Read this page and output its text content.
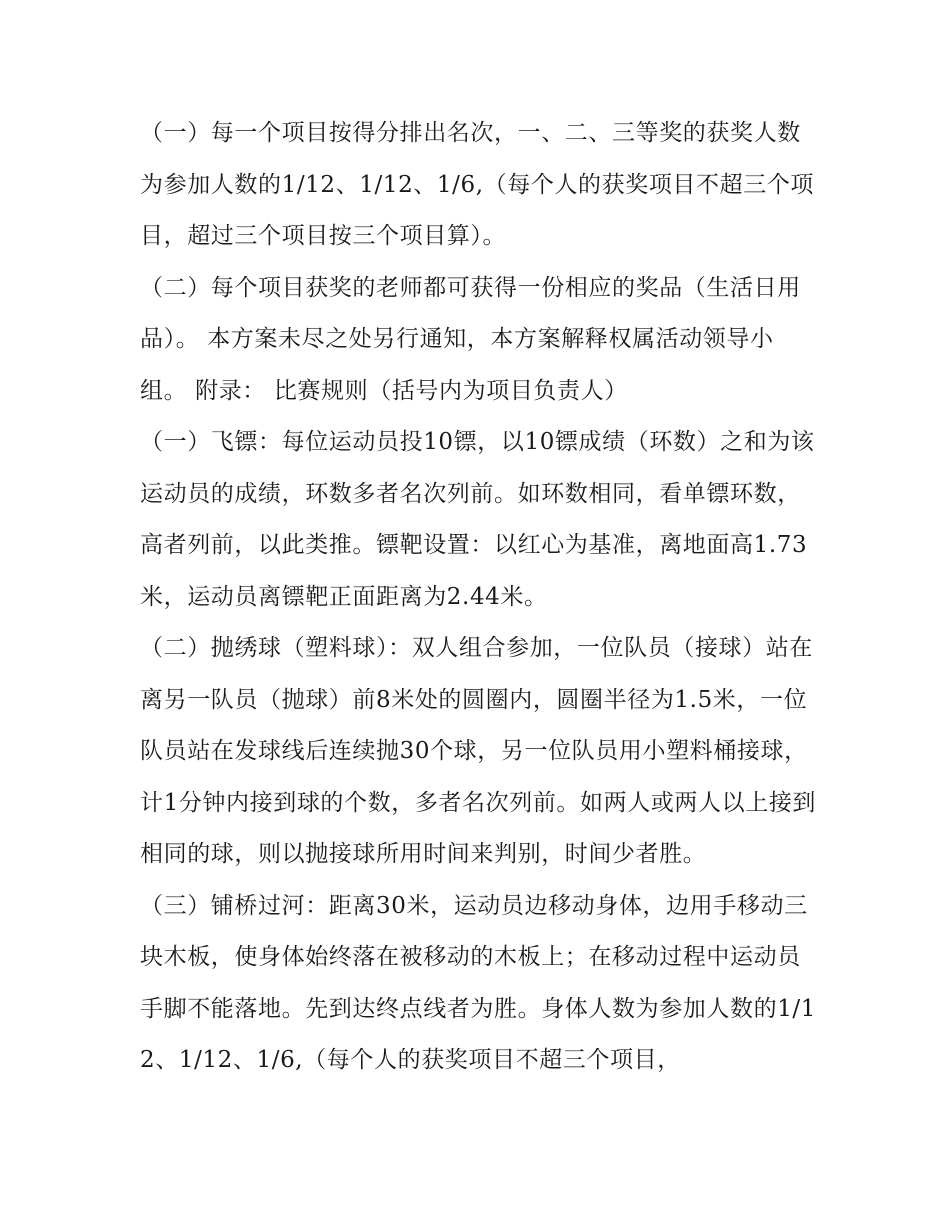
（一）每一个项目按得分排出名次，一、二、三等奖的获奖人数为参加人数的1/12、1/12、1/6,（每个人的获奖项目不超三个项目，超过三个项目按三个项目算）。

（二）每个项目获奖的老师都可获得一份相应的奖品（生活日用品）。 本方案未尽之处另行通知，本方案解释权属活动领导小组。 附录： 比赛规则（括号内为项目负责人）

（一）飞镖：每位运动员投10镖，以10镖成绩（环数）之和为该运动员的成绩，环数多者名次列前。如环数相同，看单镖环数，高者列前，以此类推。镖靶设置：以红心为基准，离地面高1.73米，运动员离镖靶正面距离为2.44米。

（二）抛绣球（塑料球）：双人组合参加，一位队员（接球）站在离另一队员（抛球）前8米处的圆圈内，圆圈半径为1.5米，一位队员站在发球线后连续抛30个球，另一位队员用小塑料桶接球，计1分钟内接到球的个数，多者名次列前。如两人或两人以上接到相同的球，则以抛接球所用时间来判别，时间少者胜。

（三）铺桥过河：距离30米，运动员边移动身体，边用手移动三块木板，使身体始终落在被移动的木板上；在移动过程中运动员手脚不能落地。先到达终点线者为胜。身体人数为参加人数的1/12、1/12、1/6,（每个人的获奖项目不超三个项目，
